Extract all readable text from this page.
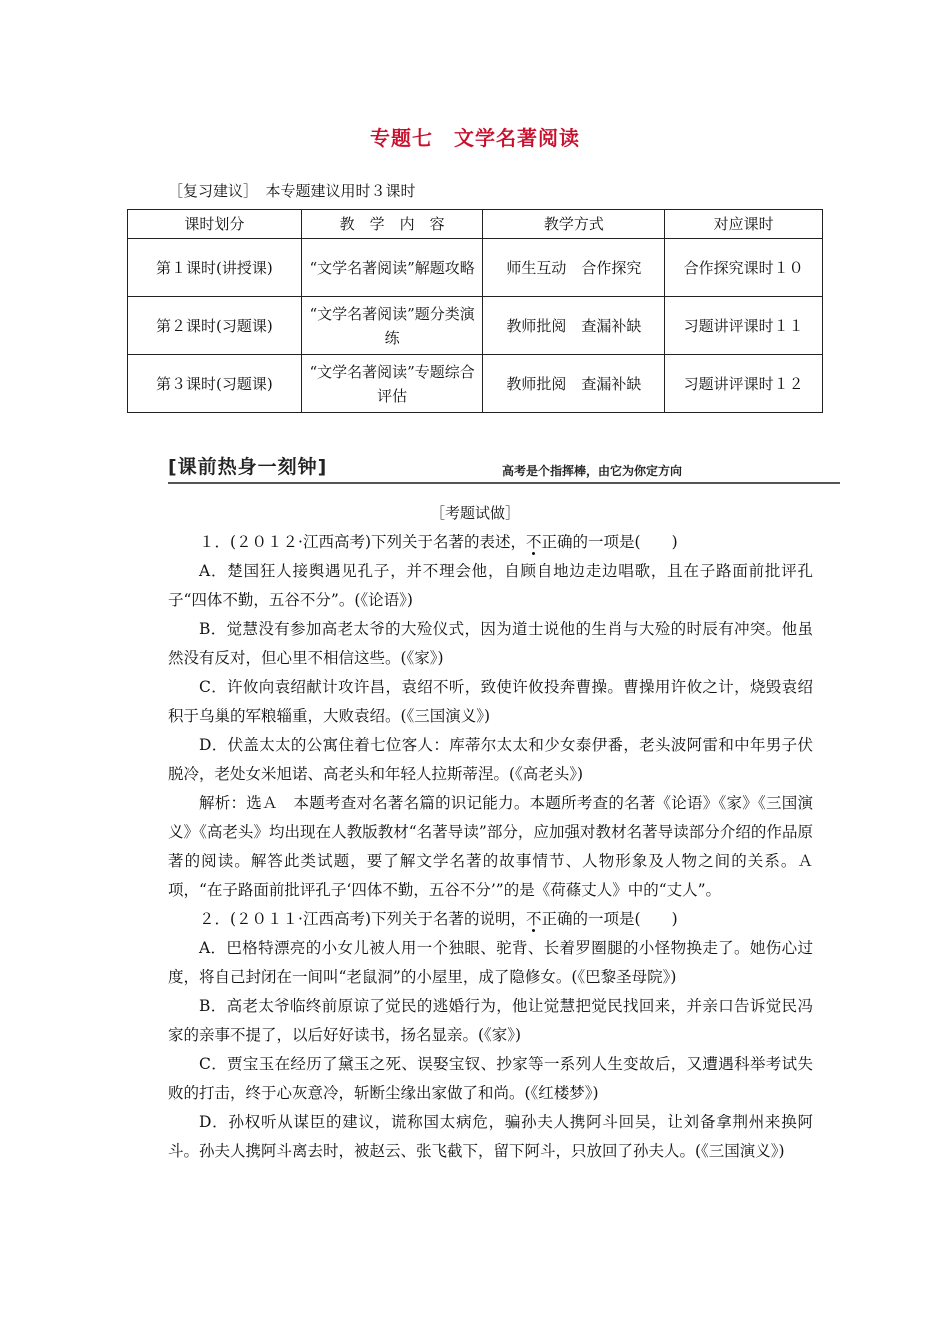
专题七　文学名著阅读
［复习建议］　本专题建议用时３课时
课时划分	教　学　内　容	教学方式	对应课时
第１课时(讲授课)	“文学名著阅读”解题攻略	师生互动　合作探究	合作探究课时１０
第２课时(习题课)	“文学名著阅读”题分类演练	教师批阅　查漏补缺	习题讲评课时１１
第３课时(习题课)	“文学名著阅读”专题综合评估	教师批阅　查漏补缺	习题讲评课时１２
[课前热身一刻钟]	高考是个指挥棒，由它为你定方向
［考题试做］

１．(２０１２·江西高考)下列关于名著的表述，不正确的一项是(　　)

A．楚国狂人接舆遇见孔子，并不理会他，自顾自地边走边唱歌，且在子路面前批评孔子“四体不勤，五谷不分”。(《论语》)

B．觉慧没有参加高老太爷的大殓仪式，因为道士说他的生肖与大殓的时辰有冲突。他虽然没有反对，但心里不相信这些。(《家》)

C．许攸向袁绍献计攻许昌，袁绍不听，致使许攸投奔曹操。曹操用许攸之计，烧毁袁绍积于乌巢的军粮辎重，大败袁绍。(《三国演义》)

D．伏盖太太的公寓住着七位客人：库蒂尔太太和少女泰伊番，老头波阿雷和中年男子伏脱冷，老处女米旭诺、高老头和年轻人拉斯蒂涅。(《高老头》)

解析：选Ａ　本题考查对名著名篇的识记能力。本题所考查的名著《论语》《家》《三国演义》《高老头》均出现在人教版教材“名著导读”部分，应加强对教材名著导读部分介绍的作品原著的阅读。解答此类试题，要了解文学名著的故事情节、人物形象及人物之间的关系。Ａ项，“在子路面前批评孔子‘四体不勤，五谷不分’”的是《荷蓧丈人》中的“丈人”。

２．(２０１１·江西高考)下列关于名著的说明，不正确的一项是(　　)

A．巴格特漂亮的小女儿被人用一个独眼、驼背、长着罗圈腿的小怪物换走了。她伤心过度，将自己封闭在一间叫“老鼠洞”的小屋里，成了隐修女。(《巴黎圣母院》)

B．高老太爷临终前原谅了觉民的逃婚行为，他让觉慧把觉民找回来，并亲口告诉觉民冯家的亲事不提了，以后好好读书，扬名显亲。(《家》)

C．贾宝玉在经历了黛玉之死、误娶宝钗、抄家等一系列人生变故后，又遭遇科举考试失败的打击，终于心灰意冷，斩断尘缘出家做了和尚。(《红楼梦》)

D．孙权听从谋臣的建议，谎称国太病危，骗孙夫人携阿斗回吴，让刘备拿荆州来换阿斗。孙夫人携阿斗离去时，被赵云、张飞截下，留下阿斗，只放回了孙夫人。(《三国演义》)
